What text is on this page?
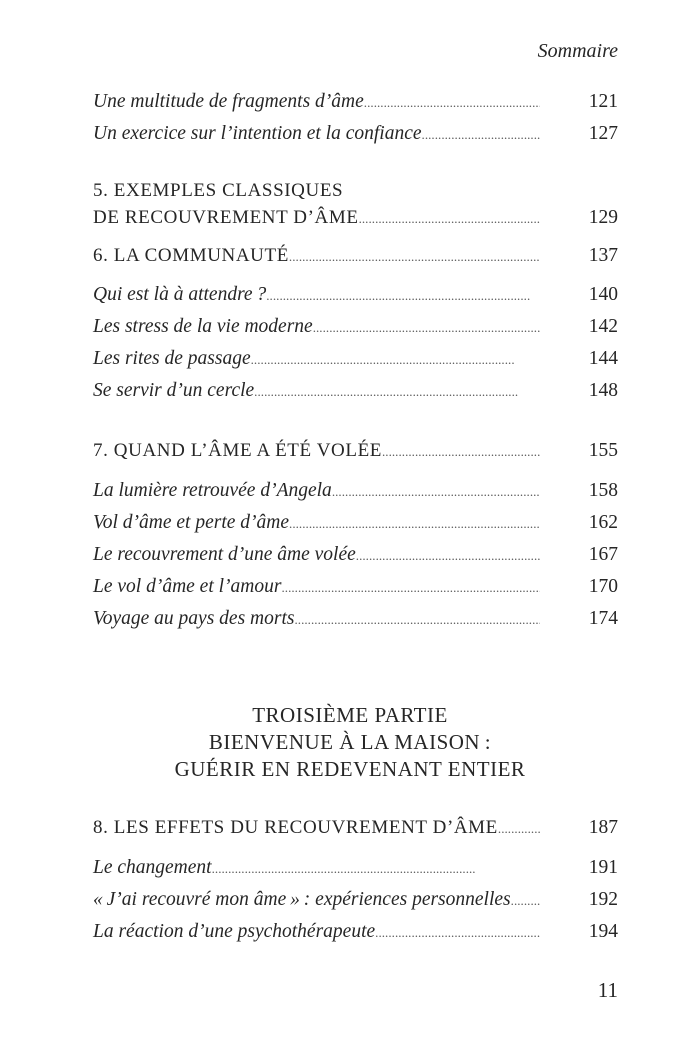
Sommaire
Une multitude de fragments d’âme . . .	121
Un exercice sur l’intention et la confiance . . .	127
5. EXEMPLES CLASSIQUES
DE RECOUVREMENT D’ÂME . . .	129
6. LA COMMUNAUTÉ . . .	137
Qui est là à attendre ? . . .	140
Les stress de la vie moderne . . .	142
Les rites de passage . . .	144
Se servir d’un cercle . . .	148
7. QUAND L’ÂME A ÉTÉ VOLÉE . . .	155
La lumière retrouvée d’Angela . . .	158
Vol d’âme et perte d’âme . . .	162
Le recouvrement d’une âme volée . . .	167
Le vol d’âme et l’amour . . .	170
Voyage au pays des morts . . .	174
TROISIÈME PARTIE
BIENVENUE À LA MAISON :
GUÉRIR EN REDEVENANT ENTIER
8. LES EFFETS DU RECOUVREMENT D’ÂME . . .	187
Le changement . . .	191
« J’ai recouvré mon âme » : expériences personnelles . . .	192
La réaction d’une psychothérapeute . . .	194
11
